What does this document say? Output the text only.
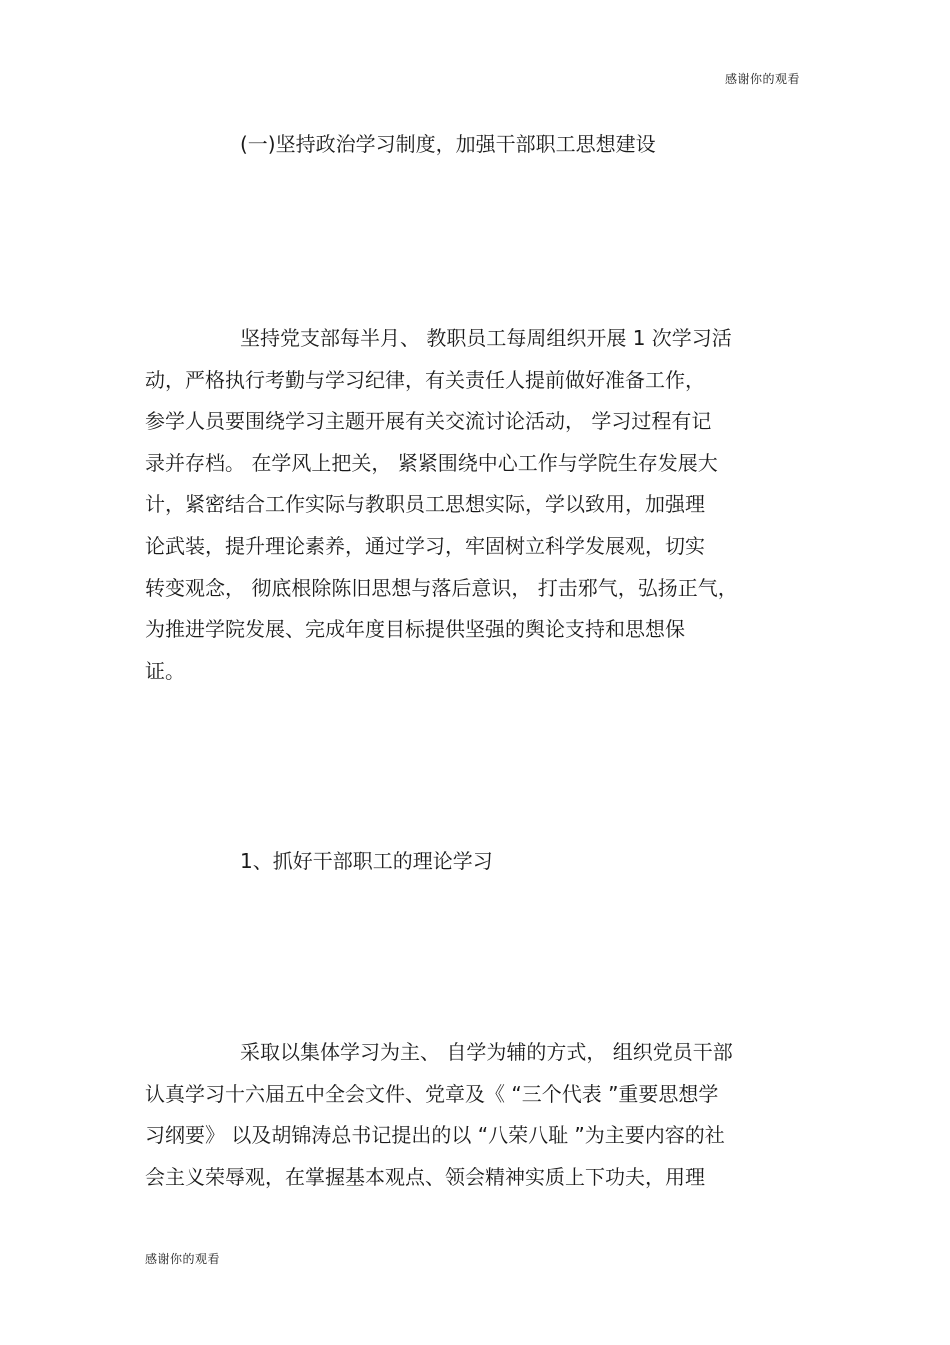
感谢你的观看
(一)坚持政治学习制度，加强干部职工思想建设
坚持党支部每半月、 教职员工每周组织开展 1 次学习活
动，严格执行考勤与学习纪律，有关责任人提前做好准备工作，
参学人员要围绕学习主题开展有关交流讨论活动， 学习过程有记
录并存档。 在学风上把关， 紧紧围绕中心工作与学院生存发展大
计，紧密结合工作实际与教职员工思想实际，学以致用，加强理
论武装，提升理论素养，通过学习，牢固树立科学发展观，切实
转变观念， 彻底根除陈旧思想与落后意识， 打击邪气，弘扬正气，
为推进学院发展、完成年度目标提供坚强的舆论支持和思想保
证。
1、抓好干部职工的理论学习
采取以集体学习为主、 自学为辅的方式， 组织党员干部
认真学习十六届五中全会文件、党章及《 “三个代表 ”重要思想学
习纲要》 以及胡锦涛总书记提出的以 “八荣八耻 ”为主要内容的社
会主义荣辱观，在掌握基本观点、领会精神实质上下功夫，用理
感谢你的观看
